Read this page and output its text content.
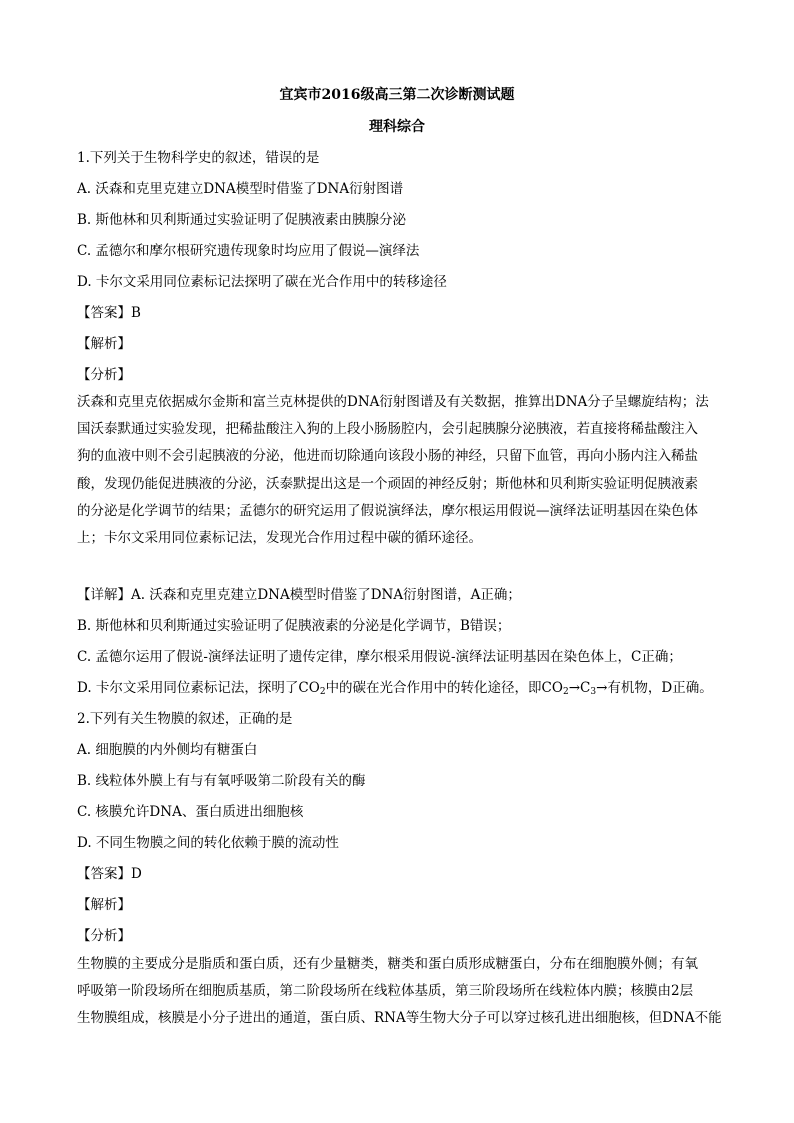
宜宾市2016级高三第二次诊断测试题
理科综合
1.下列关于生物科学史的叙述，错误的是
A. 沃森和克里克建立DNA模型时借鉴了DNA衍射图谱
B. 斯他林和贝利斯通过实验证明了促胰液素由胰腺分泌
C. 孟德尔和摩尔根研究遗传现象时均应用了假说—演绎法
D. 卡尔文采用同位素标记法探明了碳在光合作用中的转移途径
【答案】B
【解析】
【分析】
沃森和克里克依据威尔金斯和富兰克林提供的DNA衍射图谱及有关数据，推算出DNA分子呈螺旋结构；法
国沃泰默通过实验发现，把稀盐酸注入狗的上段小肠肠腔内，会引起胰腺分泌胰液，若直接将稀盐酸注入
狗的血液中则不会引起胰液的分泌，他进而切除通向该段小肠的神经，只留下血管，再向小肠内注入稀盐
酸，发现仍能促进胰液的分泌，沃泰默提出这是一个顽固的神经反射；斯他林和贝利斯实验证明促胰液素
的分泌是化学调节的结果；孟德尔的研究运用了假说演绎法，摩尔根运用假说—演绎法证明基因在染色体
上；卡尔文采用同位素标记法，发现光合作用过程中碳的循环途径。
【详解】A. 沃森和克里克建立DNA模型时借鉴了DNA衍射图谱，A正确；
B. 斯他林和贝利斯通过实验证明了促胰液素的分泌是化学调节，B错误；
C. 孟德尔运用了假说-演绎法证明了遗传定律，摩尔根采用假说-演绎法证明基因在染色体上，C正确；
D. 卡尔文采用同位素标记法，探明了$CO_2$中的碳在光合作用中的转化途径，即$CO_2\to C_3\to$有机物，D正确。
2.下列有关生物膜的叙述，正确的是
A. 细胞膜的内外侧均有糖蛋白
B. 线粒体外膜上有与有氧呼吸第二阶段有关的酶
C. 核膜允许DNA、蛋白质进出细胞核
D. 不同生物膜之间的转化依赖于膜的流动性
【答案】D
【解析】
【分析】
生物膜的主要成分是脂质和蛋白质，还有少量糖类，糖类和蛋白质形成糖蛋白，分布在细胞膜外侧；有氧
呼吸第一阶段场所在细胞质基质，第二阶段场所在线粒体基质，第三阶段场所在线粒体内膜；核膜由2层
生物膜组成，核膜是小分子进出的通道，蛋白质、RNA等生物大分子可以穿过核孔进出细胞核，但DNA不能
